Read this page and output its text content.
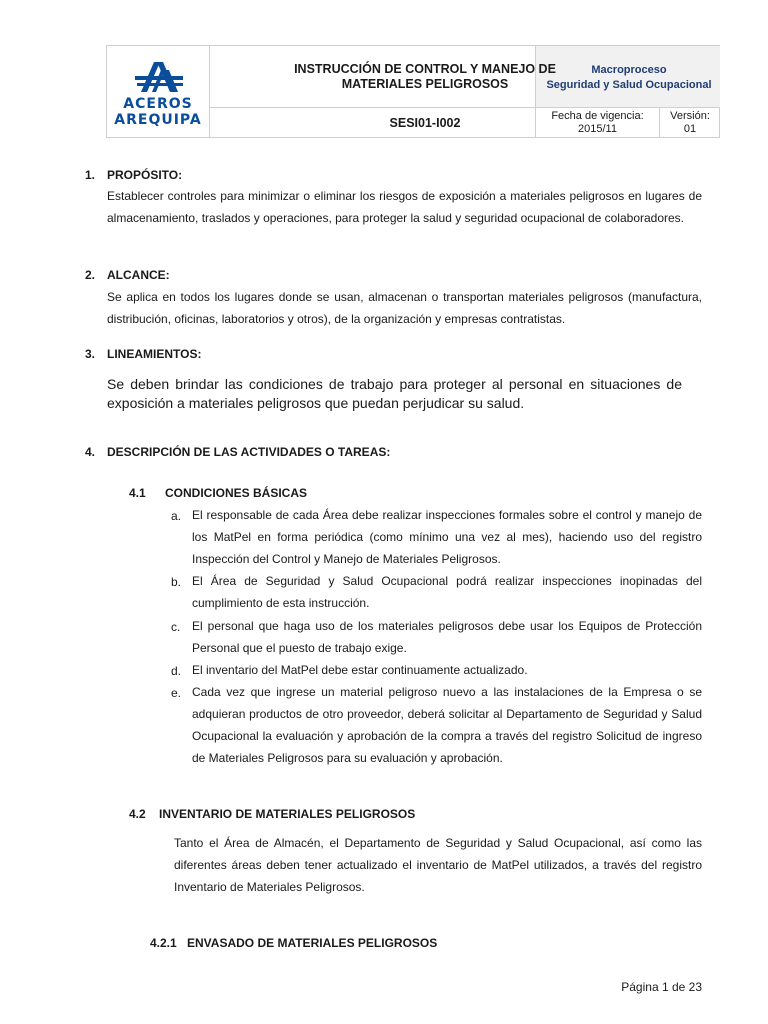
ACEROS
AREQUIPA
INSTRUCCIÓN DE CONTROL Y MANEJO DE
MATERIALES PELIGROSOS
SESI01-I002
Macroproceso
Seguridad y Salud Ocupacional
Fecha de vigencia:
2015/11
Versión:
01
1. PROPÓSITO:
Establecer controles para minimizar o eliminar los riesgos de exposición a materiales peligrosos en lugares de almacenamiento, traslados y operaciones, para proteger la salud y seguridad ocupacional de colaboradores.
2. ALCANCE:
Se aplica en todos los lugares donde se usan, almacenan o transportan materiales peligrosos (manufactura, distribución, oficinas, laboratorios y otros), de la organización y empresas contratistas.
3. LINEAMIENTOS:
Se deben brindar las condiciones de trabajo para proteger al personal en situaciones de exposición a materiales peligrosos que puedan perjudicar su salud.
4. DESCRIPCIÓN DE LAS ACTIVIDADES O TAREAS:
4.1 CONDICIONES BÁSICAS
a. El responsable de cada Área debe realizar inspecciones formales sobre el control y manejo de los MatPel en forma periódica (como mínimo una vez al mes), haciendo uso del registro Inspección del Control y Manejo de Materiales Peligrosos.
b. El Área de Seguridad y Salud Ocupacional podrá realizar inspecciones inopinadas del cumplimiento de esta instrucción.
c. El personal que haga uso de los materiales peligrosos debe usar los Equipos de Protección Personal que el puesto de trabajo exige.
d. El inventario del MatPel debe estar continuamente actualizado.
e. Cada vez que ingrese un material peligroso nuevo a las instalaciones de la Empresa o se adquieran productos de otro proveedor, deberá solicitar al Departamento de Seguridad y Salud Ocupacional la evaluación y aprobación de la compra a través del registro Solicitud de ingreso de Materiales Peligrosos para su evaluación y aprobación.
4.2 INVENTARIO DE MATERIALES PELIGROSOS
Tanto el Área de Almacén, el Departamento de Seguridad y Salud Ocupacional, así como las diferentes áreas deben tener actualizado el inventario de MatPel utilizados, a través del registro Inventario de Materiales Peligrosos.
4.2.1 ENVASADO DE MATERIALES PELIGROSOS
Página 1 de 23
